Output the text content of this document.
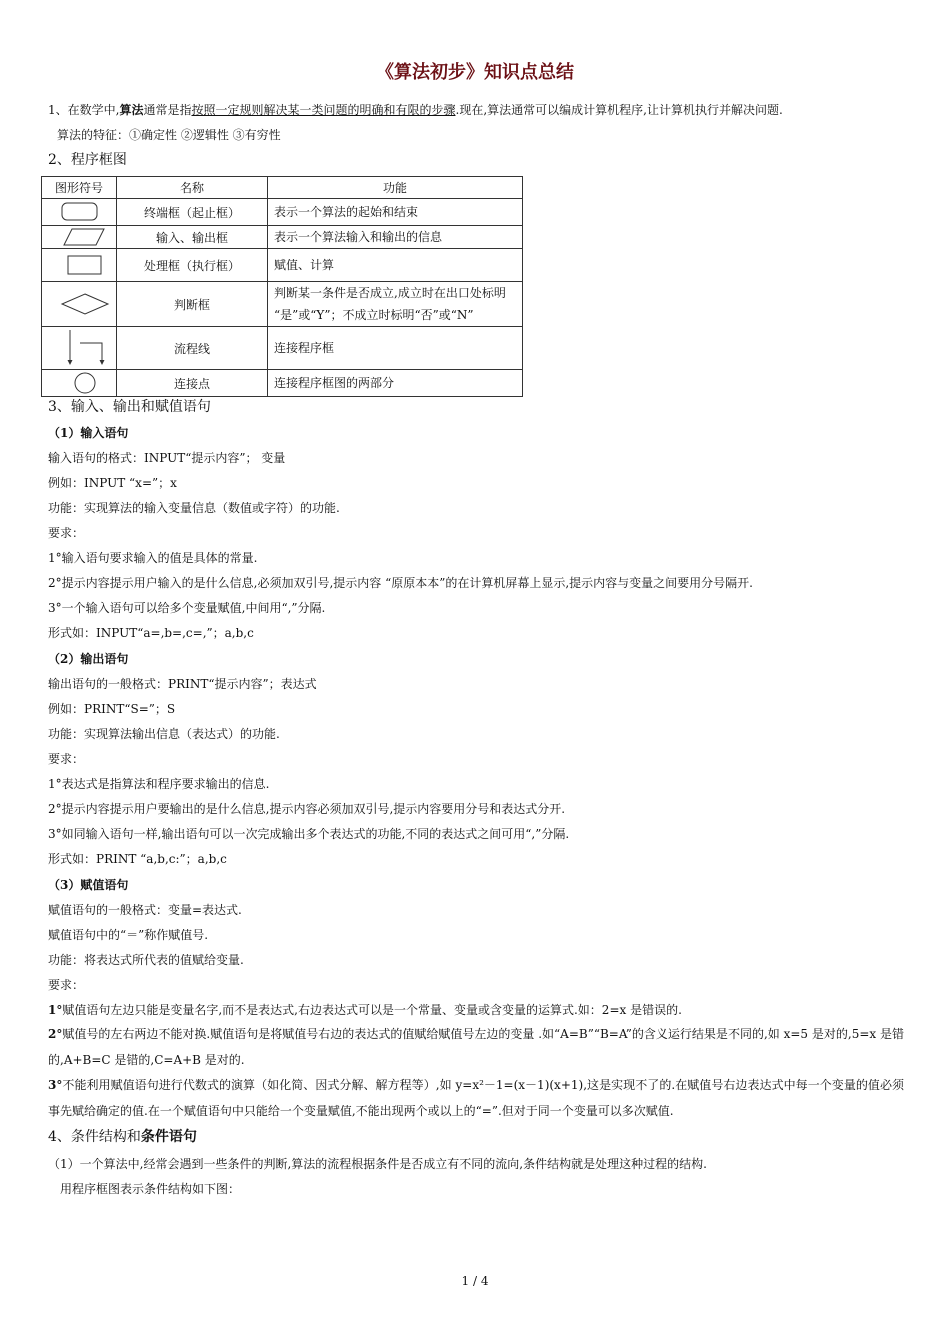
《算法初步》知识点总结
1、在数学中,算法通常是指按照一定规则解决某一类问题的明确和有限的步骤.现在,算法通常可以编成计算机程序,让计算机执行并解决问题.
算法的特征：①确定性 ②逻辑性 ③有穷性
2、程序框图
图形符号	名称	功能

	终端框（起止框）	表示一个算法的起始和结束

	输入、输出框	表示一个算法输入和输出的信息

	处理框（执行框）	赋值、计算

	判断框	判断某一条件是否成立,成立时在出口处标明
“是”或“Y”；不成立时标明“否”或“N”

	流程线	连接程序框

	连接点	连接程序框图的两部分
3、输入、输出和赋值语句
（1）输入语句
输入语句的格式：INPUT“提示内容”； 变量
例如：INPUT “x=”；x
功能：实现算法的输入变量信息（数值或字符）的功能.
要求：
1°输入语句要求输入的值是具体的常量.
2°提示内容提示用户输入的是什么信息,必须加双引号,提示内容 “原原本本”的在计算机屏幕上显示,提示内容与变量之间要用分号隔开.
3°一个输入语句可以给多个变量赋值,中间用“,”分隔.
形式如：INPUT“a=,b=,c=,”；a,b,c
（2）输出语句
输出语句的一般格式：PRINT“提示内容”；表达式
例如：PRINT“S=”；S
功能：实现算法输出信息（表达式）的功能.
要求：
1°表达式是指算法和程序要求输出的信息.
2°提示内容提示用户要输出的是什么信息,提示内容必须加双引号,提示内容要用分号和表达式分开.
3°如同输入语句一样,输出语句可以一次完成输出多个表达式的功能,不同的表达式之间可用“,”分隔.
形式如：PRINT “a,b,c:”；a,b,c
（3）赋值语句
赋值语句的一般格式：变量=表达式.
赋值语句中的“＝”称作赋值号.
功能：将表达式所代表的值赋给变量.
要求：
1°赋值语句左边只能是变量名字,而不是表达式,右边表达式可以是一个常量、变量或含变量的运算式.如：2=x 是错误的.
2°赋值号的左右两边不能对换.赋值语句是将赋值号右边的表达式的值赋给赋值号左边的变量 .如“A=B”“B=A”的含义运行结果是不同的,如 x=5 是对的,5=x 是错的,A+B=C 是错的,C=A+B 是对的.
3°不能利用赋值语句进行代数式的演算（如化简、因式分解、解方程等）,如 y=x²－1=(x－1)(x+1),这是实现不了的.在赋值号右边表达式中每一个变量的值必须事先赋给确定的值.在一个赋值语句中只能给一个变量赋值,不能出现两个或以上的“=”.但对于同一个变量可以多次赋值.
4、条件结构和条件语句
（1）一个算法中,经常会遇到一些条件的判断,算法的流程根据条件是否成立有不同的流向,条件结构就是处理这种过程的结构.
用程序框图表示条件结构如下图：
1 / 4
